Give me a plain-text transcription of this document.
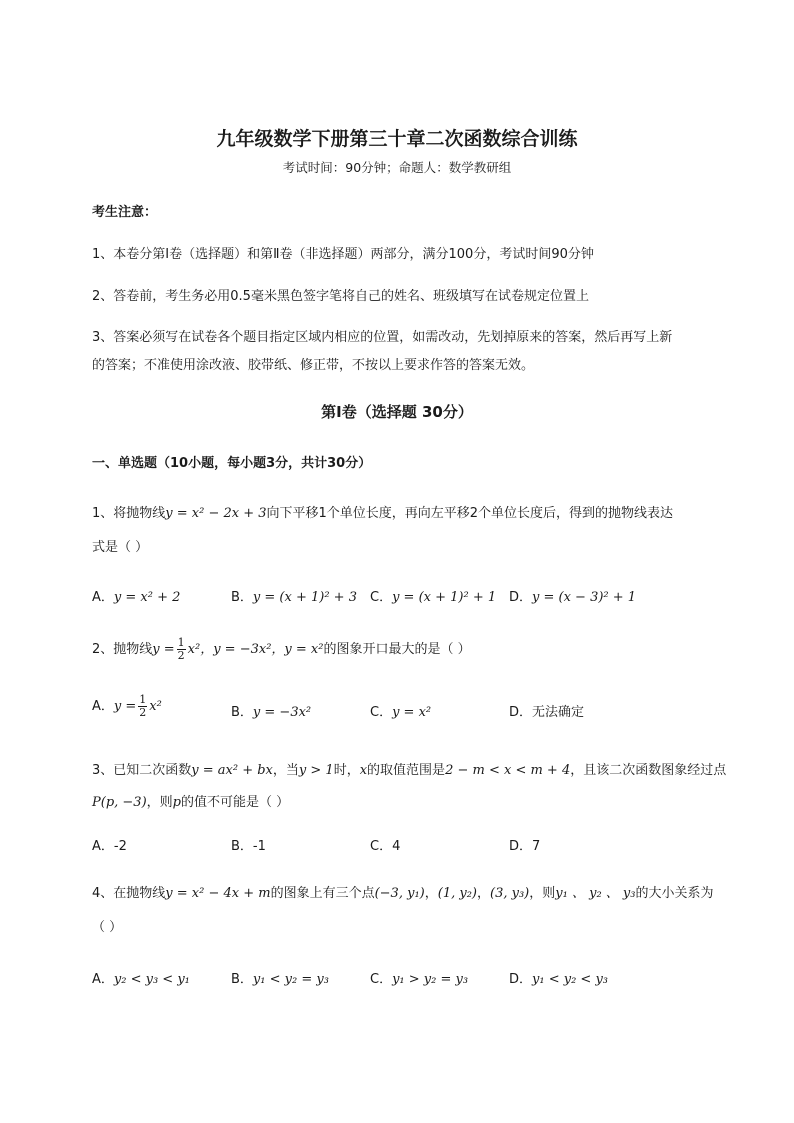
九年级数学下册第三十章二次函数综合训练
考试时间：90分钟；命题人：数学教研组
考生注意：
1、本卷分第I卷（选择题）和第Ⅱ卷（非选择题）两部分，满分100分，考试时间90分钟
2、答卷前，考生务必用0.5毫米黑色签字笔将自己的姓名、班级填写在试卷规定位置上
3、答案必须写在试卷各个题目指定区域内相应的位置，如需改动，先划掉原来的答案，然后再写上新
的答案；不准使用涂改液、胶带纸、修正带，不按以上要求作答的答案无效。
第I卷（选择题 30分）
一、单选题（10小题，每小题3分，共计30分）
1、将抛物线y = x² − 2x + 3向下平移1个单位长度，再向左平移2个单位长度后，得到的抛物线表达
式是（ ）
A．y = x² + 2	B．y = (x + 1)² + 3 C．y = (x + 1)² + 1 D．y = (x − 3)² + 1
2、抛物线$y = \frac{1}{2} x^2$，y = −3x²，y = x²的图象开口最大的是（ ）
A．$y = \frac{1}{2} x^2$	B．y = −3x²	C．y = x²	D．无法确定
3、已知二次函数y = ax² + bx，当y > 1时，x的取值范围是2 − m < x < m + 4，且该二次函数图象经过点
P(p, −3)，则p的值不可能是（ ）
A．-2	B．-1	C．4	D．7
4、在抛物线y = x² − 4x + m的图象上有三个点(−3, y₁)，(1, y₂)，(3, y₃)，则y₁ 、 y₂ 、 y₃的大小关系为
（ ）
A．y₂ < y₃ < y₁	B．y₁ < y₂ = y₃	C．y₁ > y₂ = y₃	D．y₁ < y₂ < y₃
